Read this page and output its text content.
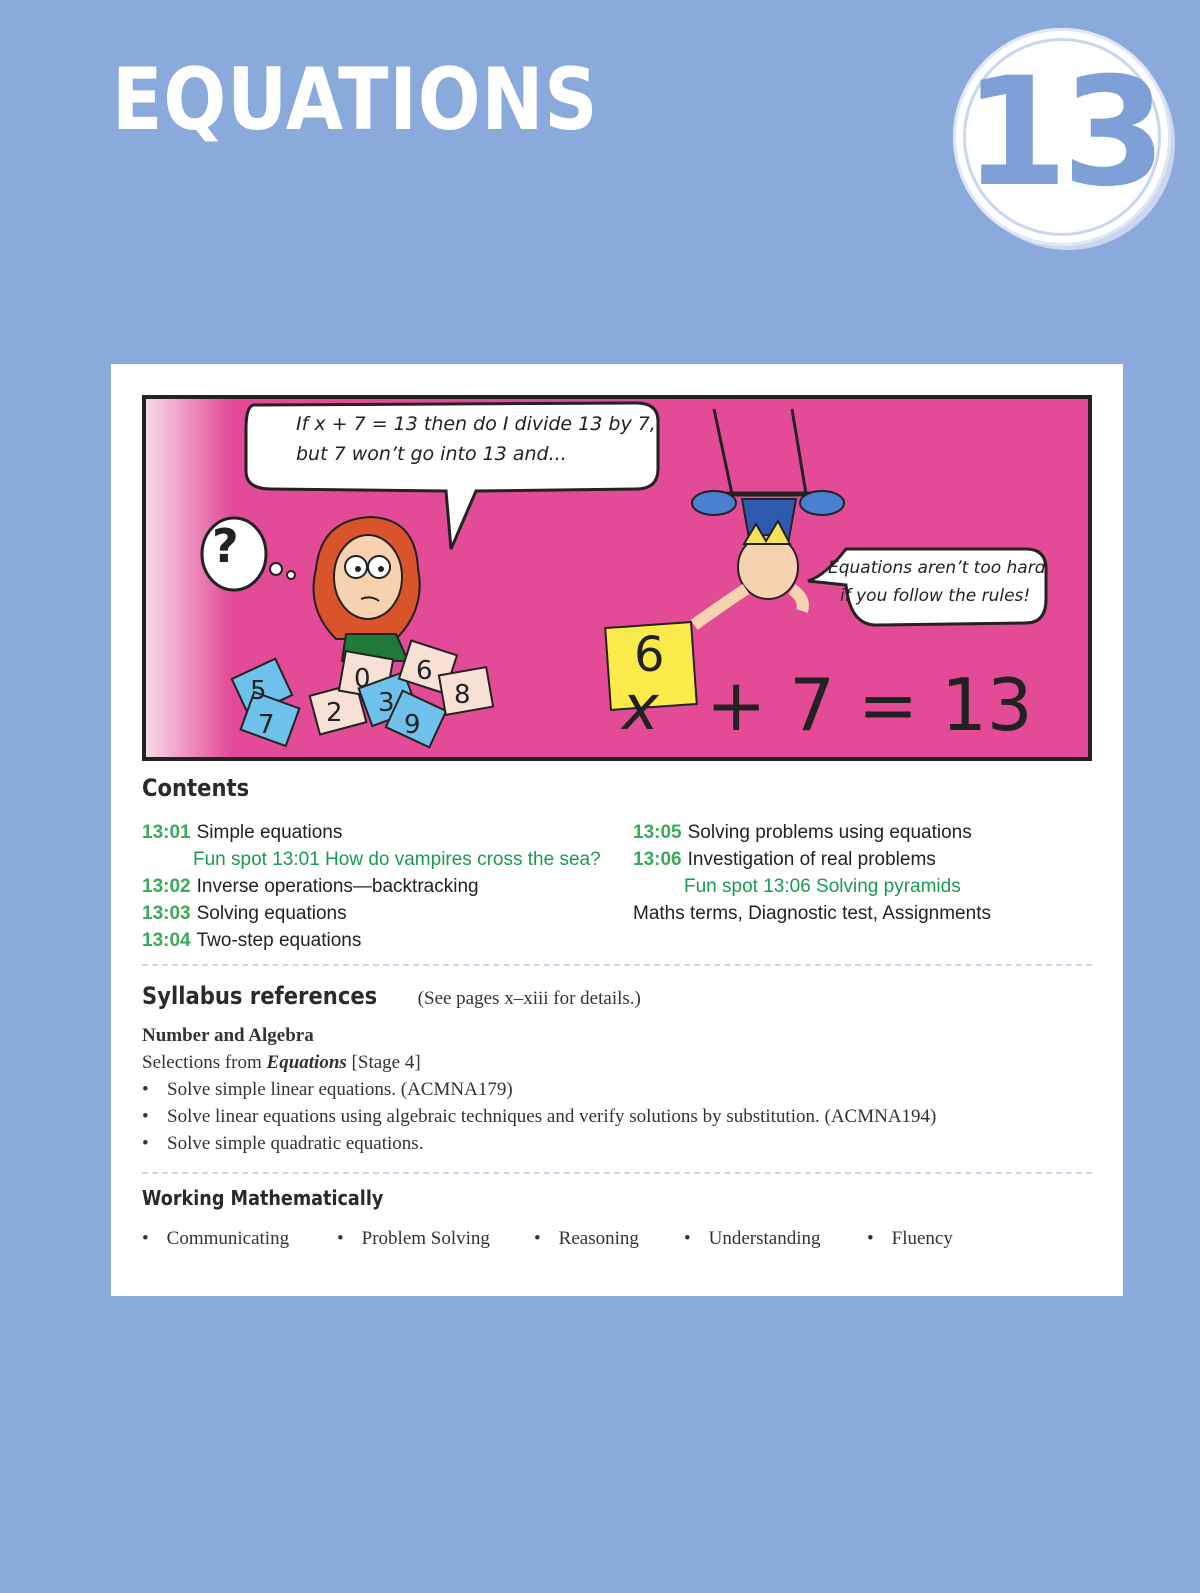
EQUATIONS 13
5
7 2
0
3
9
6
8
If x + 7 = 13 then do I divide 13 by 7,
but 7 won’t go into 13 and...
Equations aren’t too hard
if you follow the rules!
?
6
x + 7 = 13
Contents
13:01 Simple equations
Fun spot 13:01 How do vampires cross the sea?
13:02 Inverse operations—backtracking
13:03 Solving equations
13:04 Two-step equations
13:05 Solving problems using equations
13:06 Investigation of real problems
Fun spot 13:06 Solving pyramids
Maths terms, Diagnostic test, Assignments
Syllabus references (See pages x–xiii for details.)
Number and Algebra
Selections from Equations [Stage 4]
• Solve simple linear equations. (ACMNA179)
• Solve linear equations using algebraic techniques and verify solutions by substitution. (ACMNA194)
• Solve simple quadratic equations.
Working Mathematically
• Communicating	• Problem Solving	• Reasoning	• Understanding	• Fluency
